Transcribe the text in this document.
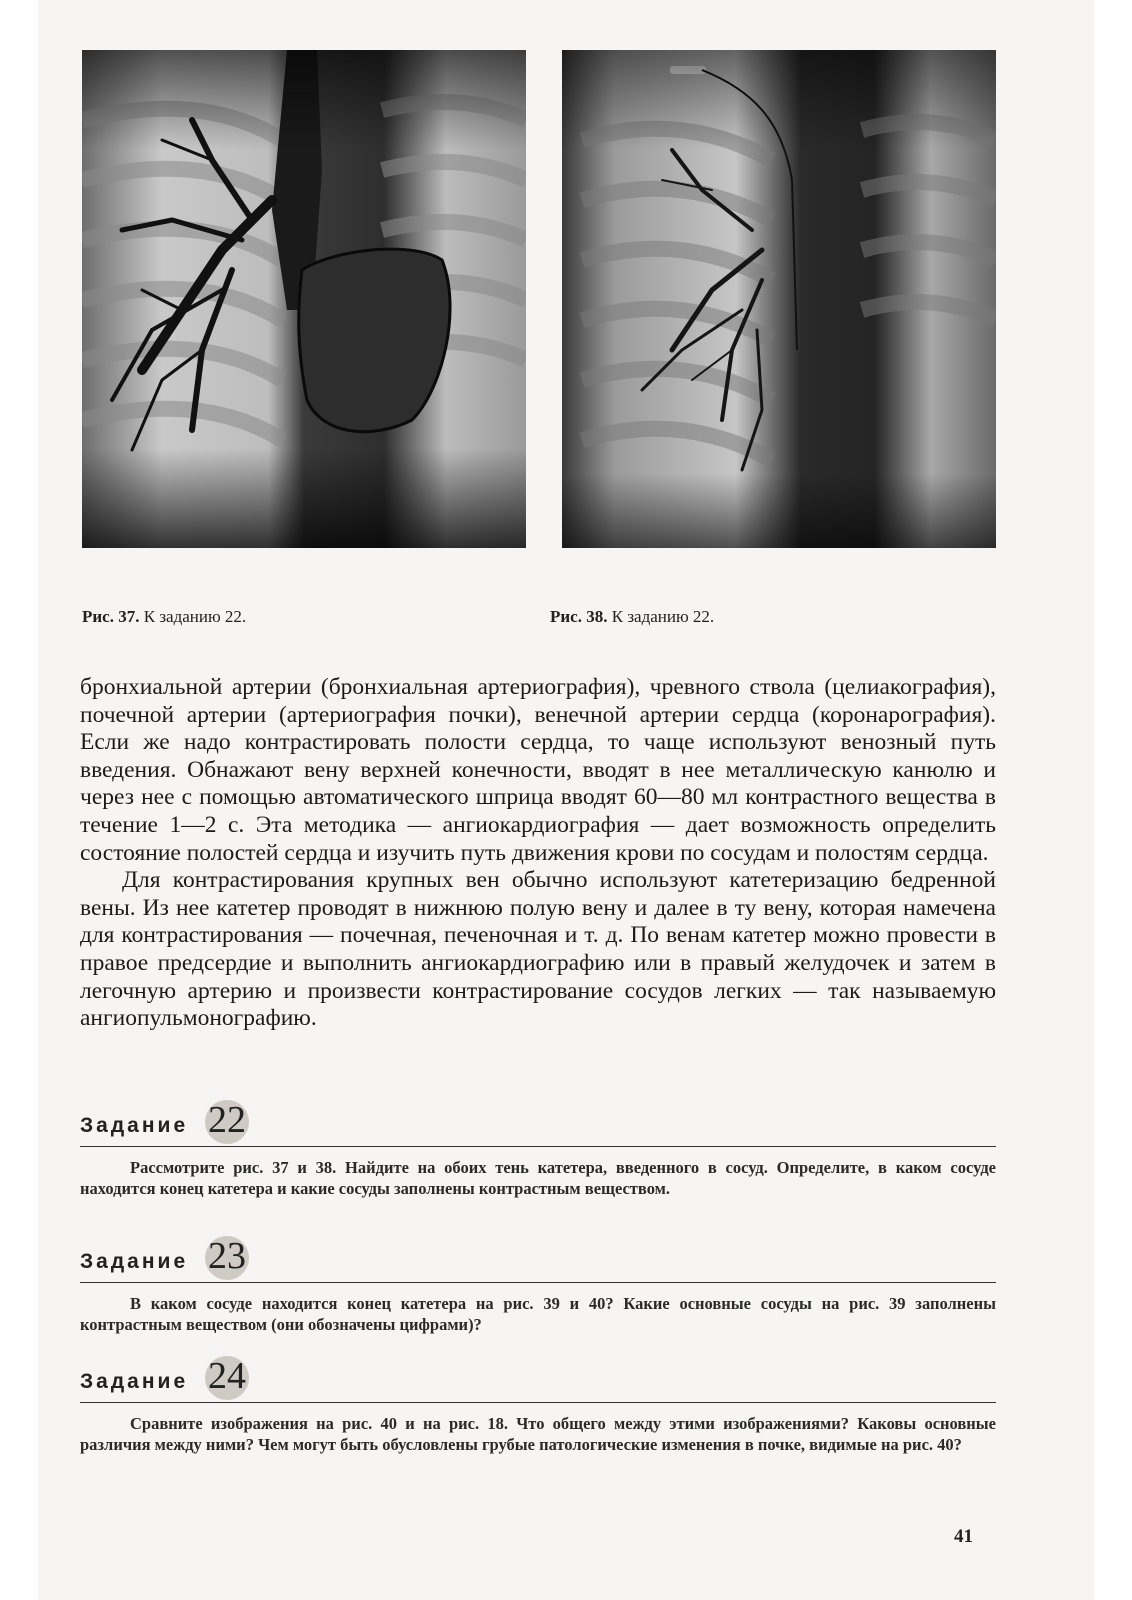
Рис. 37. К заданию 22.	Рис. 38. К заданию 22.

бронхиальной артерии (бронхиальная артериография), чревного ствола (целиакография), почечной артерии (артериография почки), венечной артерии сердца (коронарография). Если же надо контрастировать полости сердца, то чаще используют венозный путь введения. Обнажают вену верхней конечности, вводят в нее металлическую канюлю и через нее с помощью автоматического шприца вводят 60—80 мл контрастного вещества в течение 1—2 с. Эта методика — ангиокардиография — дает возможность определить состояние полостей сердца и изучить путь движения крови по сосудам и полостям сердца.

Для контрастирования крупных вен обычно используют катетеризацию бедренной вены. Из нее катетер проводят в нижнюю полую вену и далее в ту вену, которая намечена для контрастирования — почечная, печеночная и т. д. По венам катетер можно провести в правое предсердие и выполнить ангиокардиографию или в правый желудочек и затем в легочную артерию и произвести контрастирование сосудов легких — так называемую ангиопульмонографию.

Задание 22
Рассмотрите рис. 37 и 38. Найдите на обоих тень катетера, введенного в сосуд. Определите, в каком сосуде находится конец катетера и какие сосуды заполнены контрастным веществом.
Задание 23
В каком сосуде находится конец катетера на рис. 39 и 40? Какие основные сосуды на рис. 39 заполнены контрастным веществом (они обозначены цифрами)?
Задание 24
Сравните изображения на рис. 40 и на рис. 18. Что общего между этими изображениями? Каковы основные различия между ними? Чем могут быть обусловлены грубые патологические изменения в почке, видимые на рис. 40?
41
